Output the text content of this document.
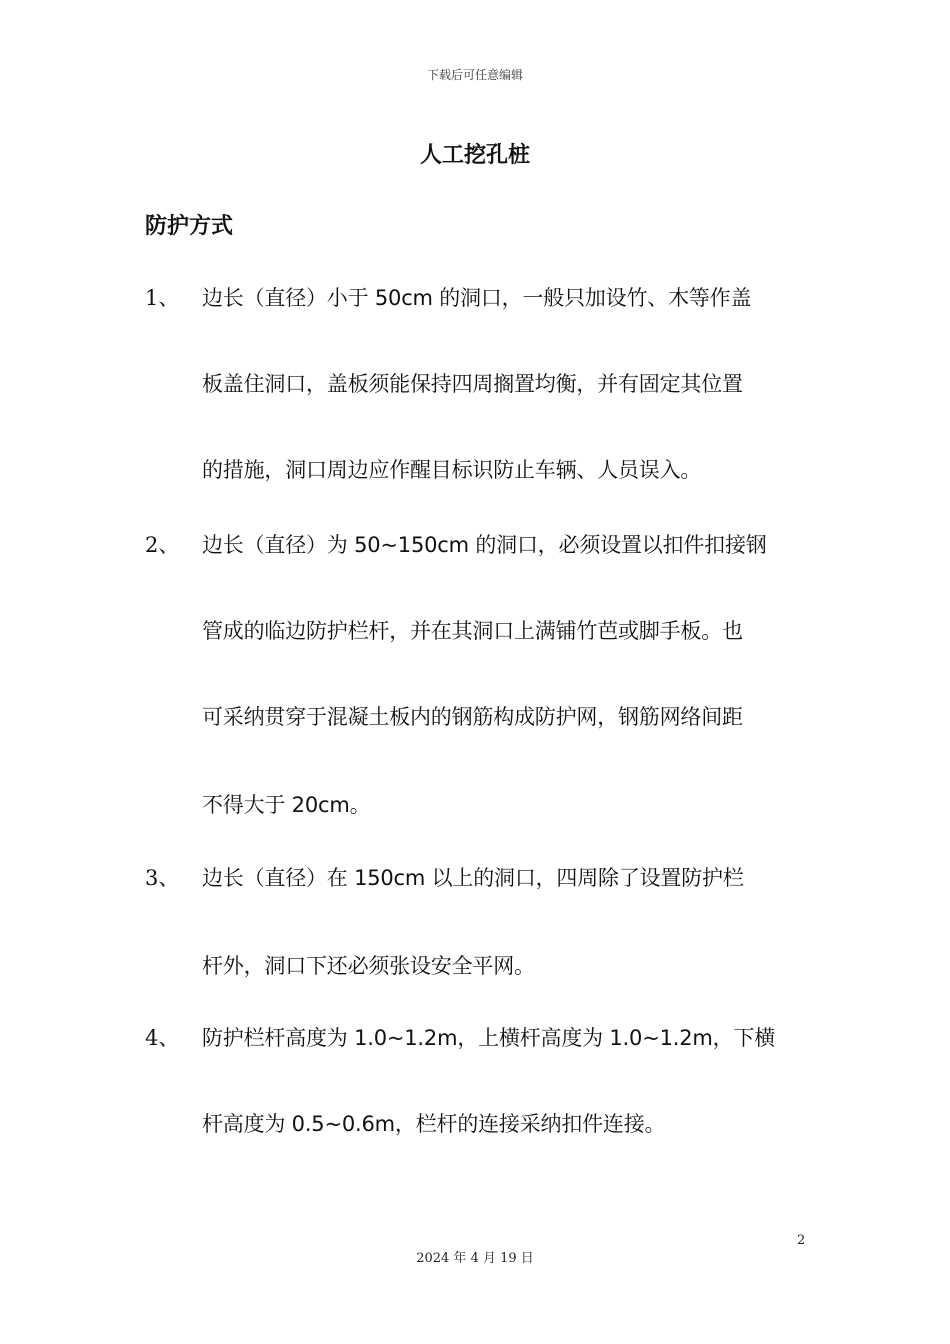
下载后可任意编辑
人工挖孔桩
防护方式
1、 边长（直径）小于 50cm 的洞口，一般只加设竹、木等作盖
板盖住洞口，盖板须能保持四周搁置均衡，并有固定其位置
的措施，洞口周边应作醒目标识防止车辆、人员误入。
2、 边长（直径）为 50~150cm 的洞口，必须设置以扣件扣接钢
管成的临边防护栏杆，并在其洞口上满铺竹芭或脚手板。也
可采纳贯穿于混凝土板内的钢筋构成防护网，钢筋网络间距
不得大于 20cm。
3、 边长（直径）在 150cm 以上的洞口，四周除了设置防护栏
杆外，洞口下还必须张设安全平网。
4、 防护栏杆高度为 1.0~1.2m，上横杆高度为 1.0~1.2m，下横
杆高度为 0.5~0.6m，栏杆的连接采纳扣件连接。
2
2024 年 4 月 19 日
